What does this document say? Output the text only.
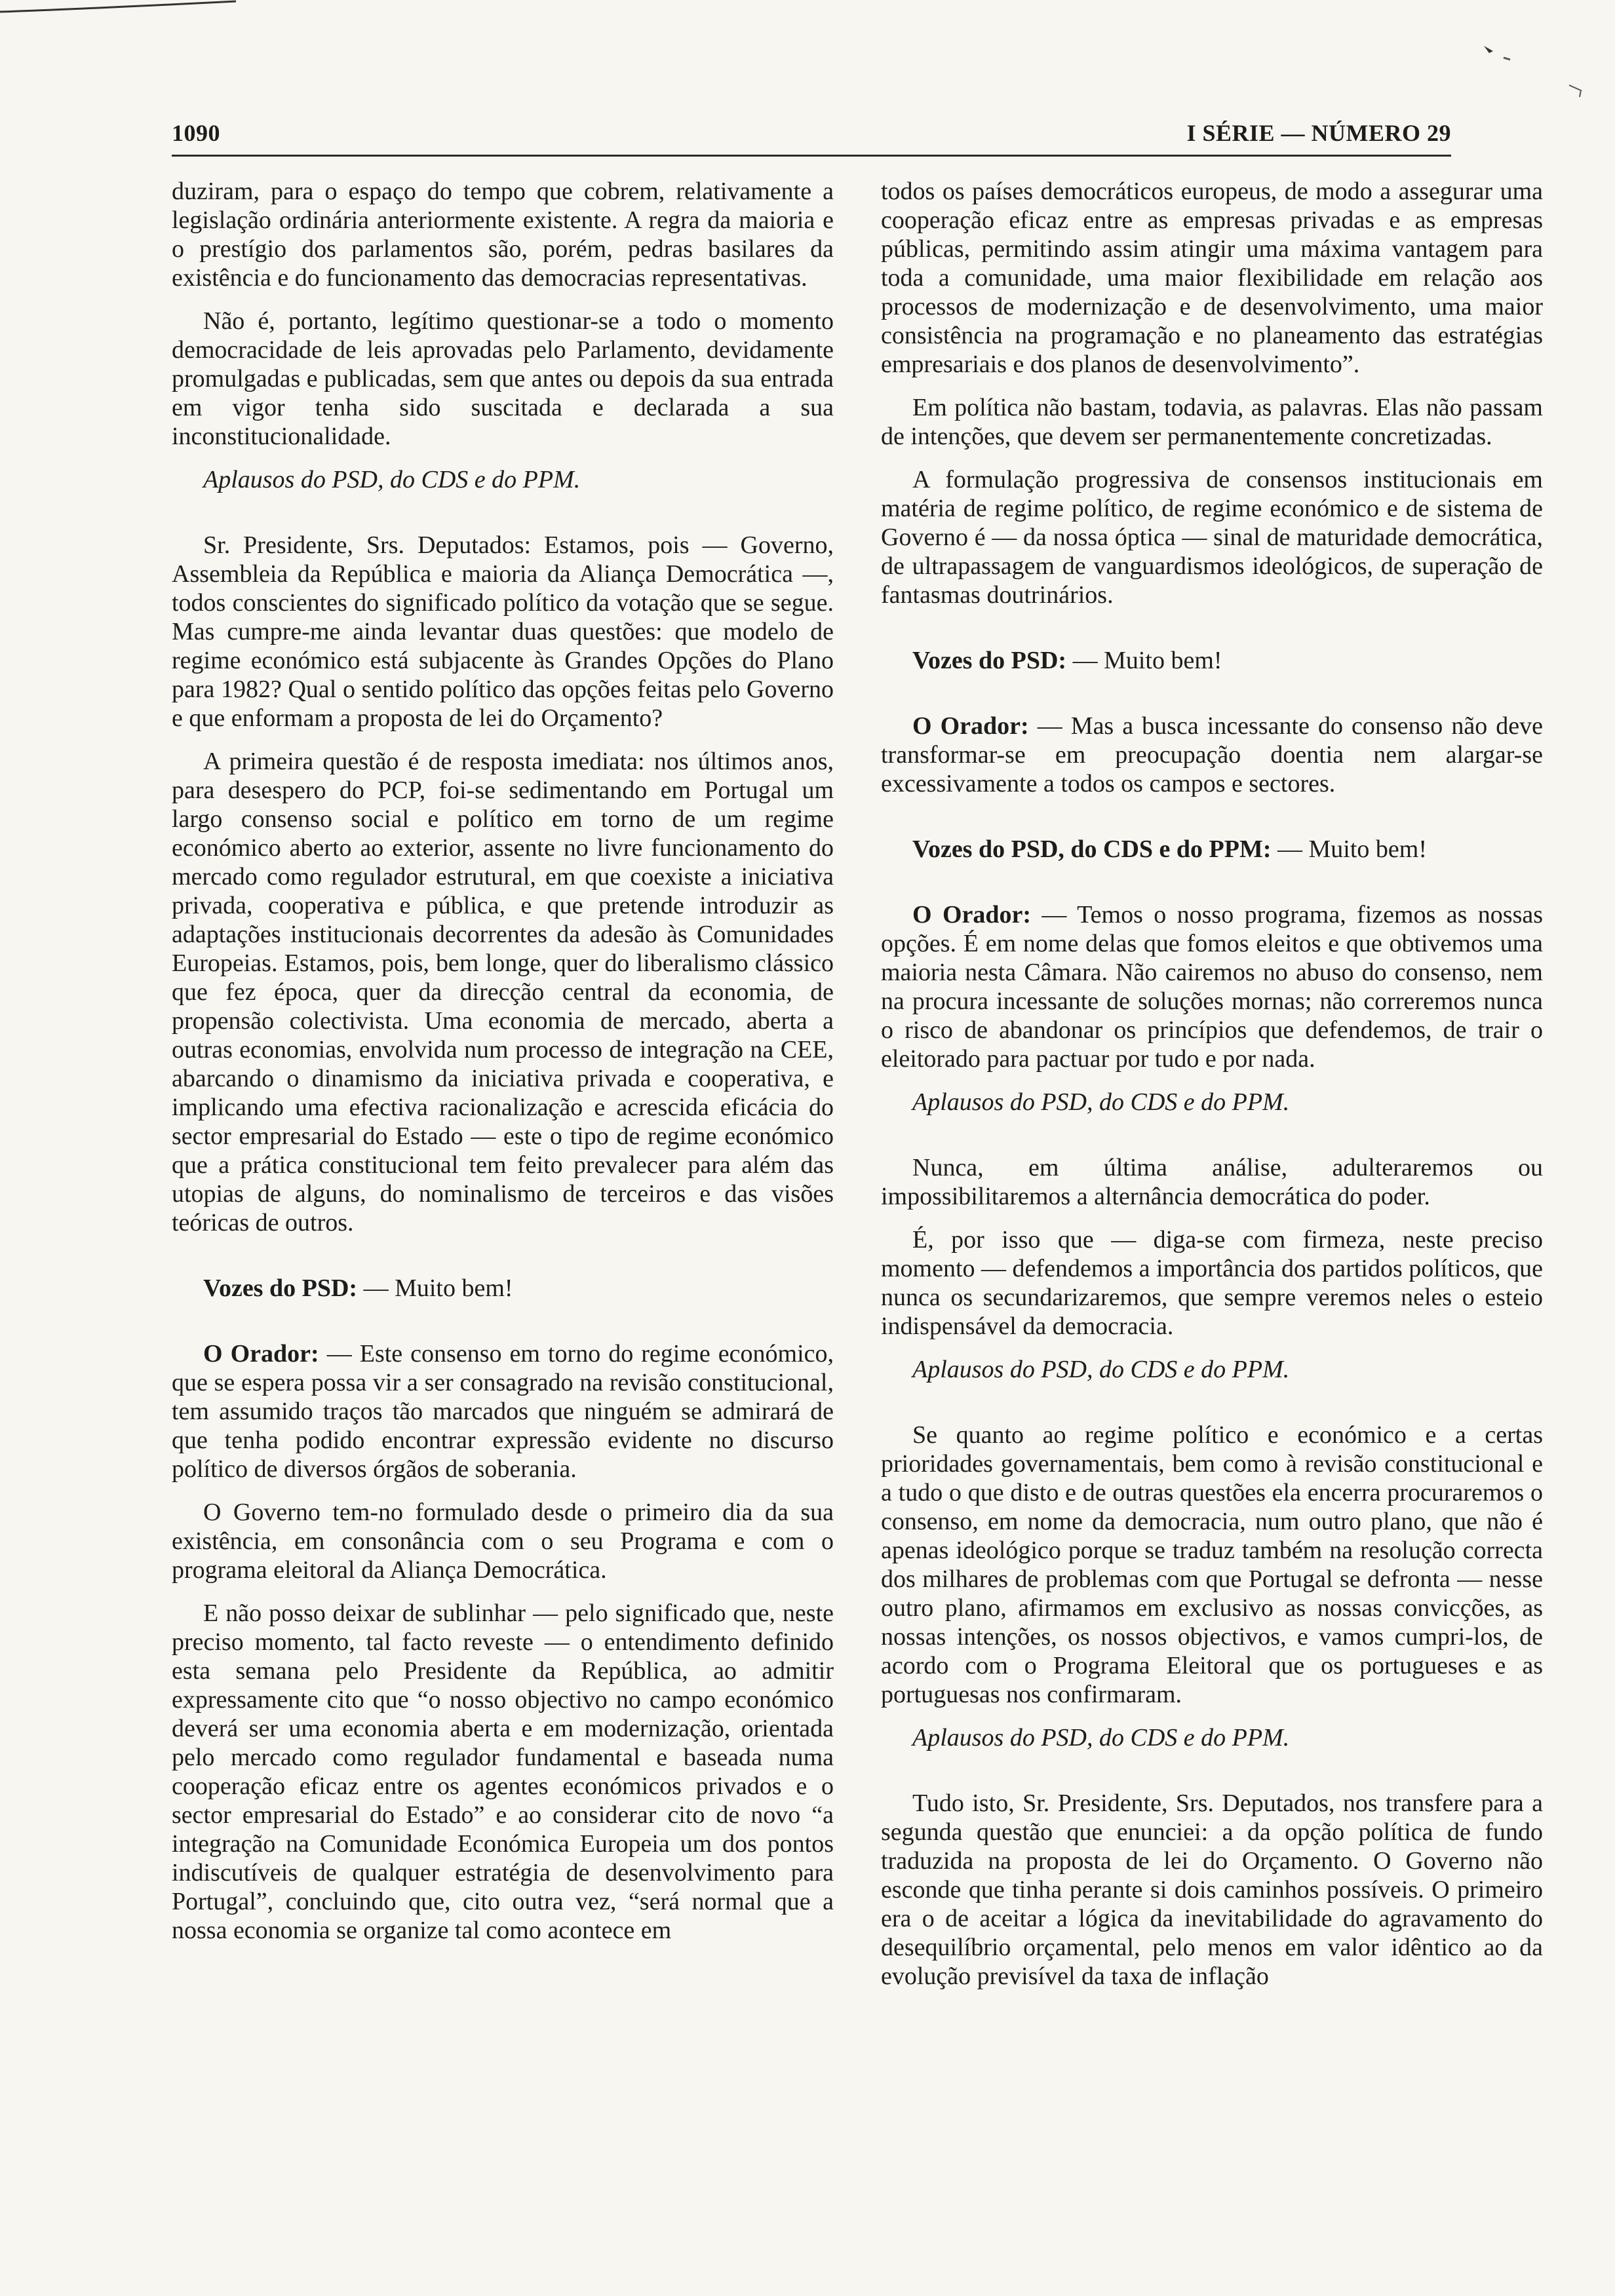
1090	I SÉRIE — NÚMERO 29

duziram, para o espaço do tempo que cobrem, relativamente a legislação ordinária anteriormente existente. A regra da maioria e o prestígio dos parlamentos são, porém, pedras basilares da existência e do funcionamento das democracias representativas.

Não é, portanto, legítimo questionar-se a todo o momento democracidade de leis aprovadas pelo Parlamento, devidamente promulgadas e publicadas, sem que antes ou depois da sua entrada em vigor tenha sido suscitada e declarada a sua inconstitucionalidade.

Aplausos do PSD, do CDS e do PPM.

Sr. Presidente, Srs. Deputados: Estamos, pois — Governo, Assembleia da República e maioria da Aliança Democrática —, todos conscientes do significado político da votação que se segue. Mas cumpre-me ainda levantar duas questões: que modelo de regime económico está subjacente às Grandes Opções do Plano para 1982? Qual o sentido político das opções feitas pelo Governo e que enformam a proposta de lei do Orçamento?

A primeira questão é de resposta imediata: nos últimos anos, para desespero do PCP, foi-se sedimentando em Portugal um largo consenso social e político em torno de um regime económico aberto ao exterior, assente no livre funcionamento do mercado como regulador estrutural, em que coexiste a iniciativa privada, cooperativa e pública, e que pretende introduzir as adaptações institucionais decorrentes da adesão às Comunidades Europeias. Estamos, pois, bem longe, quer do liberalismo clássico que fez época, quer da direcção central da economia, de propensão colectivista. Uma economia de mercado, aberta a outras economias, envolvida num processo de integração na CEE, abarcando o dinamismo da iniciativa privada e cooperativa, e implicando uma efectiva racionalização e acrescida eficácia do sector empresarial do Estado — este o tipo de regime económico que a prática constitucional tem feito prevalecer para além das utopias de alguns, do nominalismo de terceiros e das visões teóricas de outros.

Vozes do PSD: — Muito bem!

O Orador: — Este consenso em torno do regime económico, que se espera possa vir a ser consagrado na revisão constitucional, tem assumido traços tão marcados que ninguém se admirará de que tenha podido encontrar expressão evidente no discurso político de diversos órgãos de soberania.

O Governo tem-no formulado desde o primeiro dia da sua existência, em consonância com o seu Programa e com o programa eleitoral da Aliança Democrática.

E não posso deixar de sublinhar — pelo significado que, neste preciso momento, tal facto reveste — o entendimento definido esta semana pelo Presidente da República, ao admitir expressamente cito que “o nosso objectivo no campo económico deverá ser uma economia aberta e em modernização, orientada pelo mercado como regulador fundamental e baseada numa cooperação eficaz entre os agentes económicos privados e o sector empresarial do Estado” e ao considerar cito de novo “a integração na Comunidade Económica Europeia um dos pontos indiscutíveis de qualquer estratégia de desenvolvimento para Portugal”, concluindo que, cito outra vez, “será normal que a nossa economia se organize tal como acontece em

todos os países democráticos europeus, de modo a assegurar uma cooperação eficaz entre as empresas privadas e as empresas públicas, permitindo assim atingir uma máxima vantagem para toda a comunidade, uma maior flexibilidade em relação aos processos de modernização e de desenvolvimento, uma maior consistência na programação e no planeamento das estratégias empresariais e dos planos de desenvolvimento”.

Em política não bastam, todavia, as palavras. Elas não passam de intenções, que devem ser permanentemente concretizadas.

A formulação progressiva de consensos institucionais em matéria de regime político, de regime económico e de sistema de Governo é — da nossa óptica — sinal de maturidade democrática, de ultrapassagem de vanguardismos ideológicos, de superação de fantasmas doutrinários.

Vozes do PSD: — Muito bem!

O Orador: — Mas a busca incessante do consenso não deve transformar-se em preocupação doentia nem alargar-se excessivamente a todos os campos e sectores.

Vozes do PSD, do CDS e do PPM: — Muito bem!

O Orador: — Temos o nosso programa, fizemos as nossas opções. É em nome delas que fomos eleitos e que obtivemos uma maioria nesta Câmara. Não cairemos no abuso do consenso, nem na procura incessante de soluções mornas; não correremos nunca o risco de abandonar os princípios que defendemos, de trair o eleitorado para pactuar por tudo e por nada.

Aplausos do PSD, do CDS e do PPM.

Nunca, em última análise, adulteraremos ou impossibilitaremos a alternância democrática do poder.

É, por isso que — diga-se com firmeza, neste preciso momento — defendemos a importância dos partidos políticos, que nunca os secundarizaremos, que sempre veremos neles o esteio indispensável da democracia.

Aplausos do PSD, do CDS e do PPM.

Se quanto ao regime político e económico e a certas prioridades governamentais, bem como à revisão constitucional e a tudo o que disto e de outras questões ela encerra procuraremos o consenso, em nome da democracia, num outro plano, que não é apenas ideológico porque se traduz também na resolução correcta dos milhares de problemas com que Portugal se defronta — nesse outro plano, afirmamos em exclusivo as nossas convicções, as nossas intenções, os nossos objectivos, e vamos cumpri-los, de acordo com o Programa Eleitoral que os portugueses e as portuguesas nos confirmaram.

Aplausos do PSD, do CDS e do PPM.

Tudo isto, Sr. Presidente, Srs. Deputados, nos transfere para a segunda questão que enunciei: a da opção política de fundo traduzida na proposta de lei do Orçamento. O Governo não esconde que tinha perante si dois caminhos possíveis. O primeiro era o de aceitar a lógica da inevitabilidade do agravamento do desequilíbrio orçamental, pelo menos em valor idêntico ao da evolução previsível da taxa de inflação
